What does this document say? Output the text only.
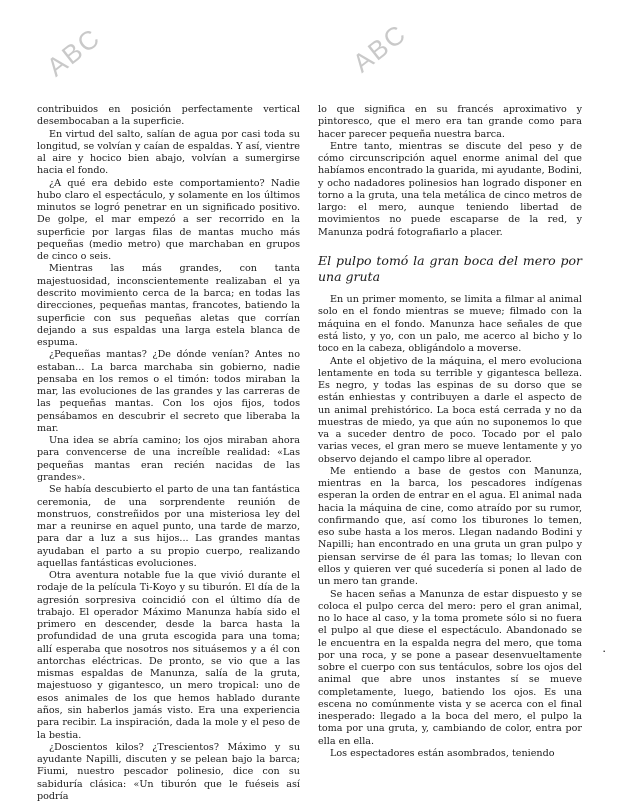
ABC	ABC
.

contribuidos en posición perfectamente vertical desembocaban a la superficie.

En virtud del salto, salían de agua por casi toda su longitud, se volvían y caían de espaldas. Y así, vientre al aire y hocico bien abajo, volvían a sumergirse hacia el fondo.

¿A qué era debido este comportamiento? Nadie hubo claro el espectáculo, y solamente en los últimos minutos se logró penetrar en un significado positivo. De golpe, el mar empezó a ser recorrido en la superficie por largas filas de mantas mucho más pequeñas (medio metro) que marchaban en grupos de cinco o seis.

Mientras las más grandes, con tanta majestuosidad, inconscientemente realizaban el ya descrito movimiento cerca de la barca; en todas las direcciones, pequeñas mantas, francotes, batiendo la superficie con sus pequeñas aletas que corrían dejando a sus espaldas una larga estela blanca de espuma.

¿Pequeñas mantas? ¿De dónde venían? Antes no estaban... La barca marchaba sin gobierno, nadie pensaba en los remos o el timón: todos miraban la mar, las evoluciones de las grandes y las carreras de las pequeñas mantas. Con los ojos fijos, todos pensábamos en descubrir el secreto que liberaba la mar.

Una idea se abría camino; los ojos miraban ahora para convencerse de una increíble realidad: «Las pequeñas mantas eran recién nacidas de las grandes».

Se había descubierto el parto de una tan fantástica ceremonia, de una sorprendente reunión de monstruos, constreñidos por una misteriosa ley del mar a reunirse en aquel punto, una tarde de marzo, para dar a luz a sus hijos... Las grandes mantas ayudaban el parto a su propio cuerpo, realizando aquellas fantásticas evoluciones.

Otra aventura notable fue la que vivió durante el rodaje de la película Ti-Koyo y su tiburón. El día de la agresión sorpresiva coincidió con el último día de trabajo. El operador Máximo Manunza había sido el primero en descender, desde la barca hasta la profundidad de una gruta escogida para una toma; allí esperaba que nosotros nos situásemos y a él con antorchas eléctricas. De pronto, se vio que a las mismas espaldas de Manunza, salía de la gruta, majestuoso y gigantesco, un mero tropical: uno de esos animales de los que hemos hablado durante años, sin haberlos jamás visto. Era una experiencia para recibir. La inspiración, dada la mole y el peso de la bestia.

¿Doscientos kilos? ¿Trescientos? Máximo y su ayudante Napilli, discuten y se pelean bajo la barca; Fiumi, nuestro pescador polinesio, dice con su sabiduría clásica: «Un tiburón que le fuéseis así podría

lo que significa en su francés aproximativo y pintoresco, que el mero era tan grande como para hacer parecer pequeña nuestra barca.

Entre tanto, mientras se discute del peso y de cómo circunscripción aquel enorme animal del que habíamos encontrado la guarida, mi ayudante, Bodini, y ocho nadadores polinesios han logrado disponer en torno a la gruta, una tela metálica de cinco metros de largo: el mero, aunque teniendo libertad de movimientos no puede escaparse de la red, y Manunza podrá fotografiarlo a placer.

El pulpo tomó la gran boca del mero por una gruta

En un primer momento, se limita a filmar al animal solo en el fondo mientras se mueve; filmado con la máquina en el fondo. Manunza hace señales de que está listo, y yo, con un palo, me acerco al bicho y lo toco en la cabeza, obligándolo a moverse.

Ante el objetivo de la máquina, el mero evoluciona lentamente en toda su terrible y gigantesca belleza. Es negro, y todas las espinas de su dorso que se están enhiestas y contribuyen a darle el aspecto de un animal prehistórico. La boca está cerrada y no da muestras de miedo, ya que aún no suponemos lo que va a suceder dentro de poco. Tocado por el palo varias veces, el gran mero se mueve lentamente y yo observo dejando el campo libre al operador.

Me entiendo a base de gestos con Manunza, mientras en la barca, los pescadores indígenas esperan la orden de entrar en el agua. El animal nada hacia la máquina de cine, como atraído por su rumor, confirmando que, así como los tiburones lo temen, eso sube hasta a los meros. Llegan nadando Bodini y Napilli; han encontrado en una gruta un gran pulpo y piensan servirse de él para las tomas; lo llevan con ellos y quieren ver qué sucedería si ponen al lado de un mero tan grande.

Se hacen señas a Manunza de estar dispuesto y se coloca el pulpo cerca del mero: pero el gran animal, no lo hace al caso, y la toma promete sólo si no fuera el pulpo al que diese el espectáculo. Abandonado se le encuentra en la espalda negra del mero, que toma por una roca, y se pone a pasear desenvueltamente sobre el cuerpo con sus tentáculos, sobre los ojos del animal que abre unos instantes sí se mueve completamente, luego, batiendo los ojos. Es una escena no comúnmente vista y se acerca con el final inesperado: llegado a la boca del mero, el pulpo la toma por una gruta, y, cambiando de color, entra por ella en ella.

Los espectadores están asombrados, teniendo
